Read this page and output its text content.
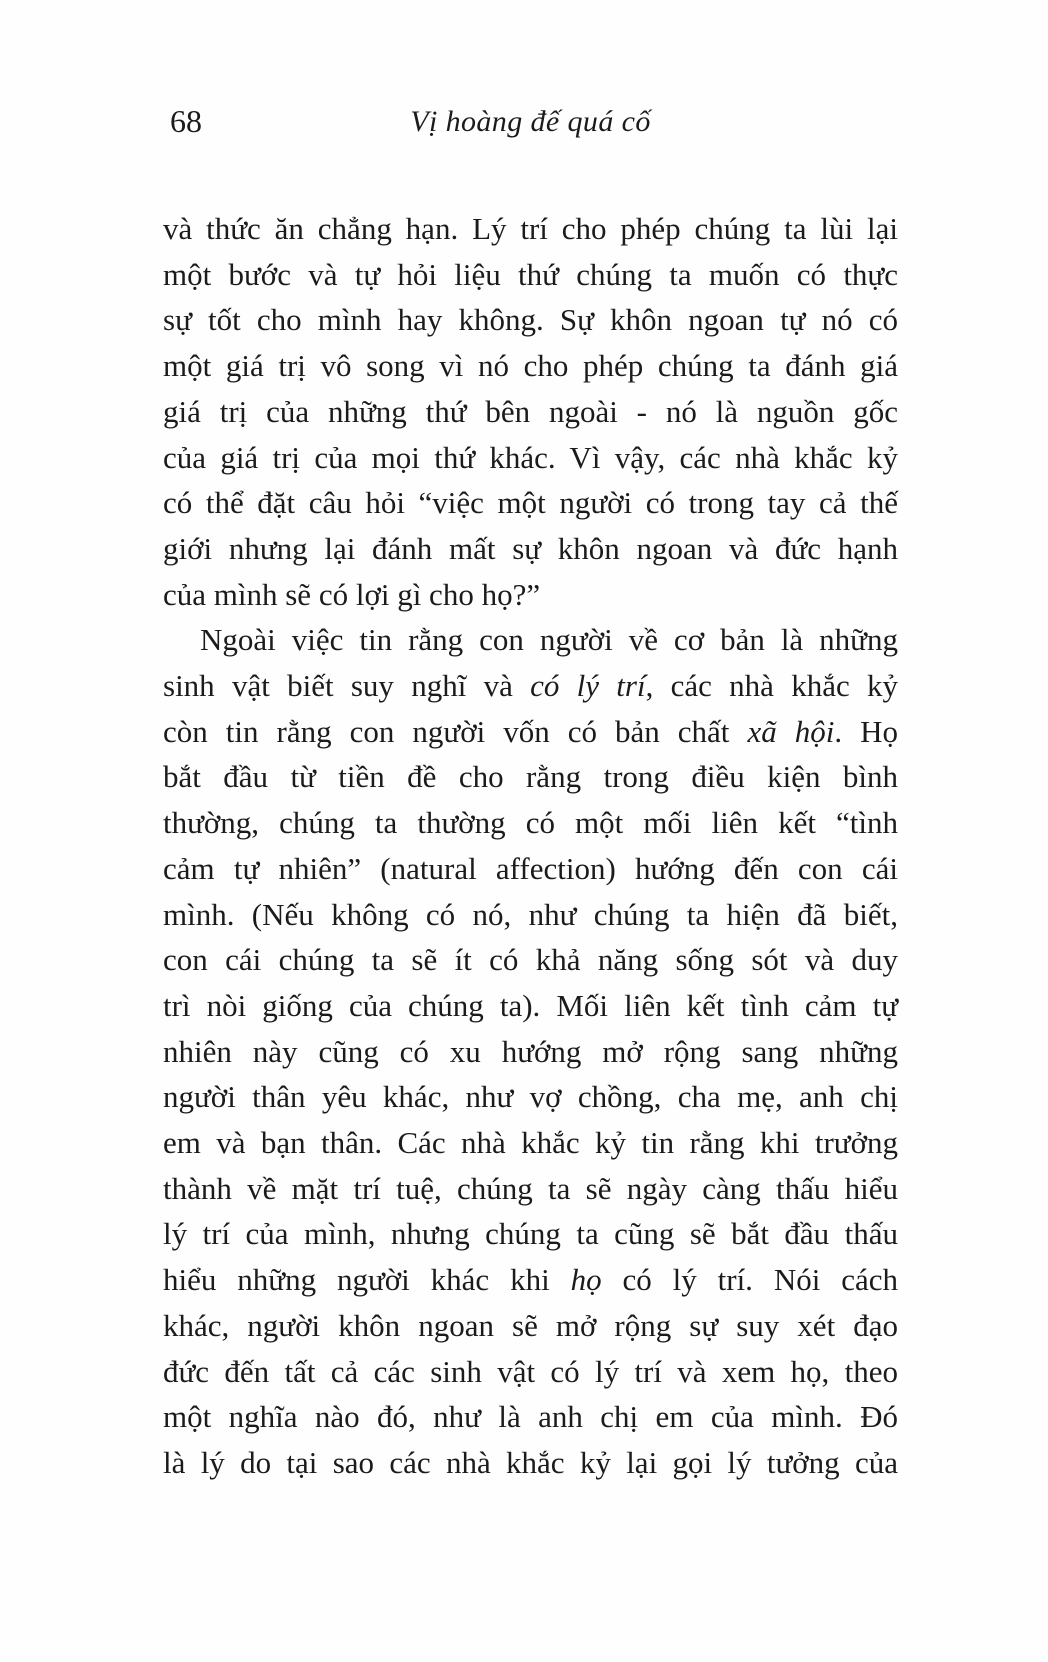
68	Vị hoàng đế quá cố
và thức ăn chẳng hạn. Lý trí cho phép chúng ta lùi lại
một bước và tự hỏi liệu thứ chúng ta muốn có thực
sự tốt cho mình hay không. Sự khôn ngoan tự nó có
một giá trị vô song vì nó cho phép chúng ta đánh giá
giá trị của những thứ bên ngoài - nó là nguồn gốc
của giá trị của mọi thứ khác. Vì vậy, các nhà khắc kỷ
có thể đặt câu hỏi “việc một người có trong tay cả thế
giới nhưng lại đánh mất sự khôn ngoan và đức hạnh
của mình sẽ có lợi gì cho họ?”
Ngoài việc tin rằng con người về cơ bản là những
sinh vật biết suy nghĩ và có lý trí, các nhà khắc kỷ
còn tin rằng con người vốn có bản chất xã hội. Họ
bắt đầu từ tiền đề cho rằng trong điều kiện bình
thường, chúng ta thường có một mối liên kết “tình
cảm tự nhiên” (natural affection) hướng đến con cái
mình. (Nếu không có nó, như chúng ta hiện đã biết,
con cái chúng ta sẽ ít có khả năng sống sót và duy
trì nòi giống của chúng ta). Mối liên kết tình cảm tự
nhiên này cũng có xu hướng mở rộng sang những
người thân yêu khác, như vợ chồng, cha mẹ, anh chị
em và bạn thân. Các nhà khắc kỷ tin rằng khi trưởng
thành về mặt trí tuệ, chúng ta sẽ ngày càng thấu hiểu
lý trí của mình, nhưng chúng ta cũng sẽ bắt đầu thấu
hiểu những người khác khi họ có lý trí. Nói cách
khác, người khôn ngoan sẽ mở rộng sự suy xét đạo
đức đến tất cả các sinh vật có lý trí và xem họ, theo
một nghĩa nào đó, như là anh chị em của mình. Đó
là lý do tại sao các nhà khắc kỷ lại gọi lý tưởng của
